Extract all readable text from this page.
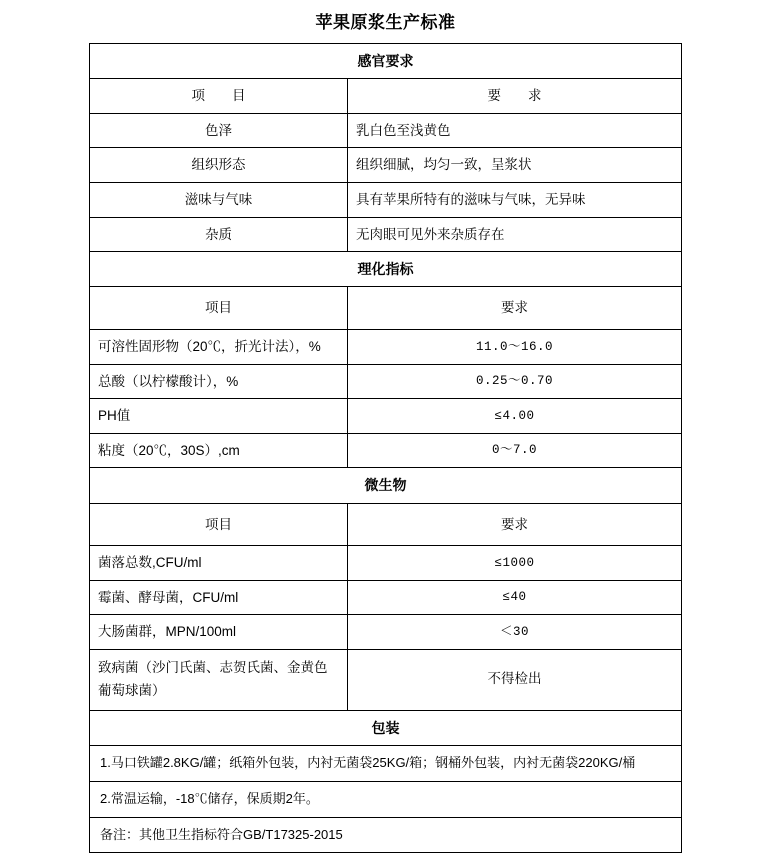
苹果原浆生产标准
感官要求	

项　　目	要　　求

色泽	乳白色至浅黄色

组织形态	组织细腻，均匀一致，呈浆状

滋味与气味	具有苹果所特有的滋味与气味，无异味

杂质	无肉眼可见外来杂质存在

理化指标	

项目	要求

可溶性固形物（20℃，折光计法），%	11.0～16.0

总酸（以柠檬酸计），%	0.25～0.70

PH值	≤4.00

粘度（20℃，30S）,cm	0～7.0

微生物	

项目	要求

菌落总数,CFU/ml	≤1000

霉菌、酵母菌，CFU/ml	≤40

大肠菌群，MPN/100ml	＜30

致病菌（沙门氏菌、志贺氏菌、金黄色葡萄球菌）	不得检出

包装	

1.马口铁罐2.8KG/罐；纸箱外包装，内衬无菌袋25KG/箱；钢桶外包装，内衬无菌袋220KG/桶	

2.常温运输，-18℃储存，保质期2年。	

备注：其他卫生指标符合GB/T17325-2015	
